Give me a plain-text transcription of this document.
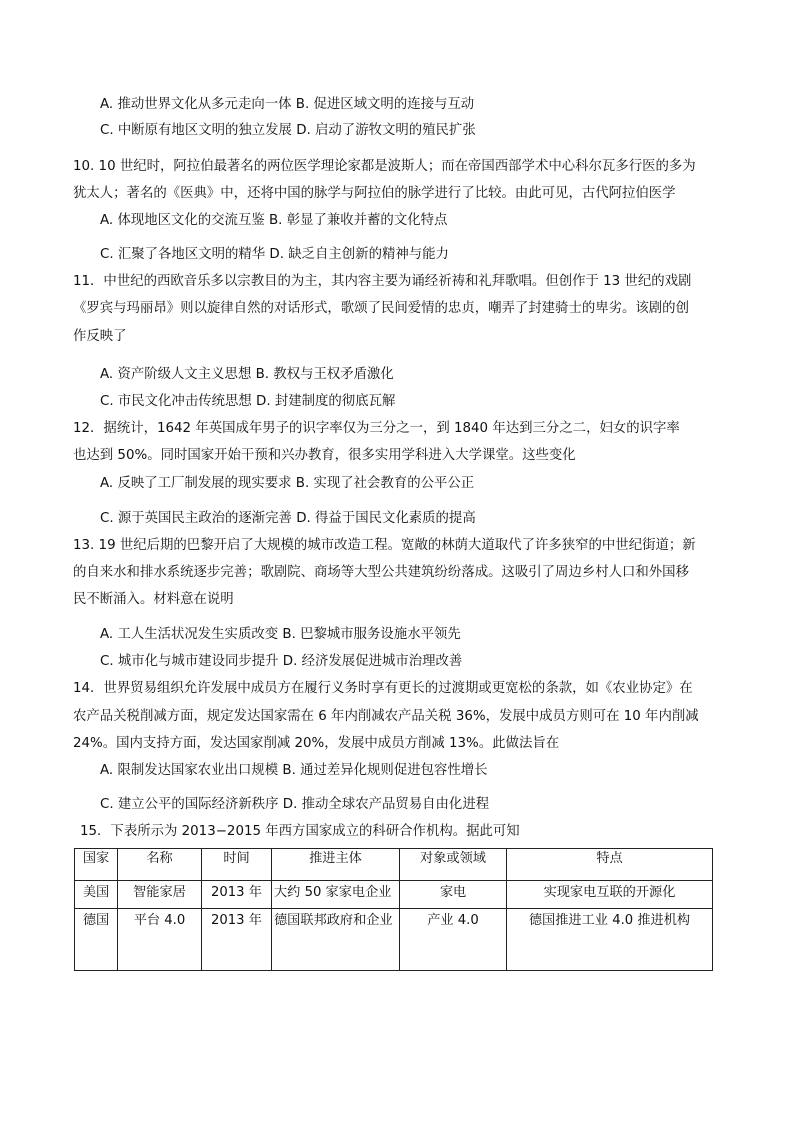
A. 推动世界文化从多元走向一体 B. 促进区域文明的连接与互动
C. 中断原有地区文明的独立发展 D. 启动了游牧文明的殖民扩张
10. 10 世纪时，阿拉伯最著名的两位医学理论家都是波斯人；而在帝国西部学术中心科尔瓦多行医的多为
犹太人；著名的《医典》中，还将中国的脉学与阿拉伯的脉学进行了比较。由此可见，古代阿拉伯医学
A. 体现地区文化的交流互鉴 B. 彰显了兼收并蓄的文化特点
C. 汇聚了各地区文明的精华 D. 缺乏自主创新的精神与能力
11．中世纪的西欧音乐多以宗教目的为主，其内容主要为诵经祈祷和礼拜歌唱。但创作于 13 世纪的戏剧
《罗宾与玛丽昂》则以旋律自然的对话形式，歌颂了民间爱情的忠贞，嘲弄了封建骑士的卑劣。该剧的创
作反映了
A. 资产阶级人文主义思想 B. 教权与王权矛盾激化
C. 市民文化冲击传统思想 D. 封建制度的彻底瓦解
12．据统计，1642 年英国成年男子的识字率仅为三分之一，到 1840 年达到三分之二，妇女的识字率
也达到 50%。同时国家开始干预和兴办教育，很多实用学科进入大学课堂。这些变化
A. 反映了工厂制发展的现实要求 B. 实现了社会教育的公平公正
C. 源于英国民主政治的逐渐完善 D. 得益于国民文化素质的提高
13. 19 世纪后期的巴黎开启了大规模的城市改造工程。宽敞的林荫大道取代了许多狭窄的中世纪街道；新
的自来水和排水系统逐步完善；歌剧院、商场等大型公共建筑纷纷落成。这吸引了周边乡村人口和外国移
民不断涌入。材料意在说明
A. 工人生活状况发生实质改变 B. 巴黎城市服务设施水平领先
C. 城市化与城市建设同步提升 D. 经济发展促进城市治理改善
14．世界贸易组织允许发展中成员方在履行义务时享有更长的过渡期或更宽松的条款，如《农业协定》在
农产品关税削减方面，规定发达国家需在 6 年内削减农产品关税 36%，发展中成员方则可在 10 年内削减
24%。国内支持方面，发达国家削减 20%，发展中成员方削减 13%。此做法旨在
A. 限制发达国家农业出口规模 B. 通过差异化规则促进包容性增长
C. 建立公平的国际经济新秩序 D. 推动全球农产品贸易自由化进程
15．下表所示为 2013−2015 年西方国家成立的科研合作机构。据此可知
国家	名称	时间	推进主体	对象或领域	特点
美国	智能家居	2013 年	大约 50 家家电企业	家电	实现家电互联的开源化
德国	平台 4.0	2013 年	德国联邦政府和企业	产业 4.0	德国推进工业 4.0 推进机构
